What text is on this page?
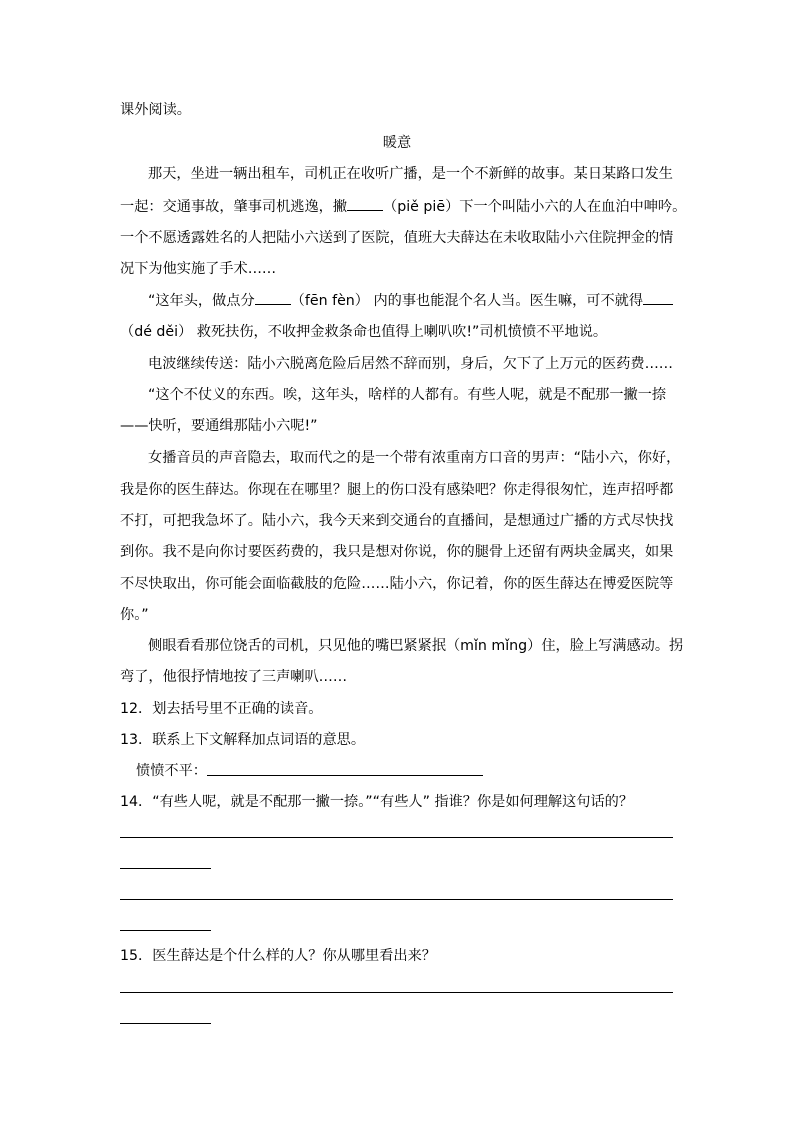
课外阅读。
暖意
那天，坐进一辆出租车，司机正在收听广播，是一个不新鲜的故事。某日某路口发生
一起：交通事故，肇事司机逃逸，撇	（piě piē）下一个叫陆小六的人在血泊中呻吟。
一个不愿透露姓名的人把陆小六送到了医院，值班大夫薛达在未收取陆小六住院押金的情
况下为他实施了手术……
“这年头，做点分	（fēn fèn） 内的事也能混个名人当。医生嘛，可不就得
（dé děi） 救死扶伤，不收押金救条命也值得上喇叭吹!”司机愤愤不平地说。
电波继续传送：陆小六脱离危险后居然不辞而别，身后，欠下了上万元的医药费……
“这个不仗义的东西。唉，这年头，啥样的人都有。有些人呢，就是不配那一撇一捺
——快听，要通缉那陆小六呢!”
女播音员的声音隐去，取而代之的是一个带有浓重南方口音的男声：“陆小六，你好，
我是你的医生薛达。你现在在哪里？腿上的伤口没有感染吧？你走得很匆忙，连声招呼都
不打，可把我急坏了。陆小六，我今天来到交通台的直播间，是想通过广播的方式尽快找
到你。我不是向你讨要医药费的，我只是想对你说，你的腿骨上还留有两块金属夹，如果
不尽快取出，你可能会面临截肢的危险……陆小六，你记着，你的医生薛达在博爱医院等
你。”
侧眼看看那位饶舌的司机，只见他的嘴巴紧紧抿（mǐn mǐng）住，脸上写满感动。拐
弯了，他很抒情地按了三声喇叭……
12．划去括号里不正确的读音。
13．联系上下文解释加点词语的意思。
愤愤不平：
14．“有些人呢，就是不配那一撇一捺。”“有些人” 指谁？你是如何理解这句话的？
15．医生薛达是个什么样的人？你从哪里看出来？
